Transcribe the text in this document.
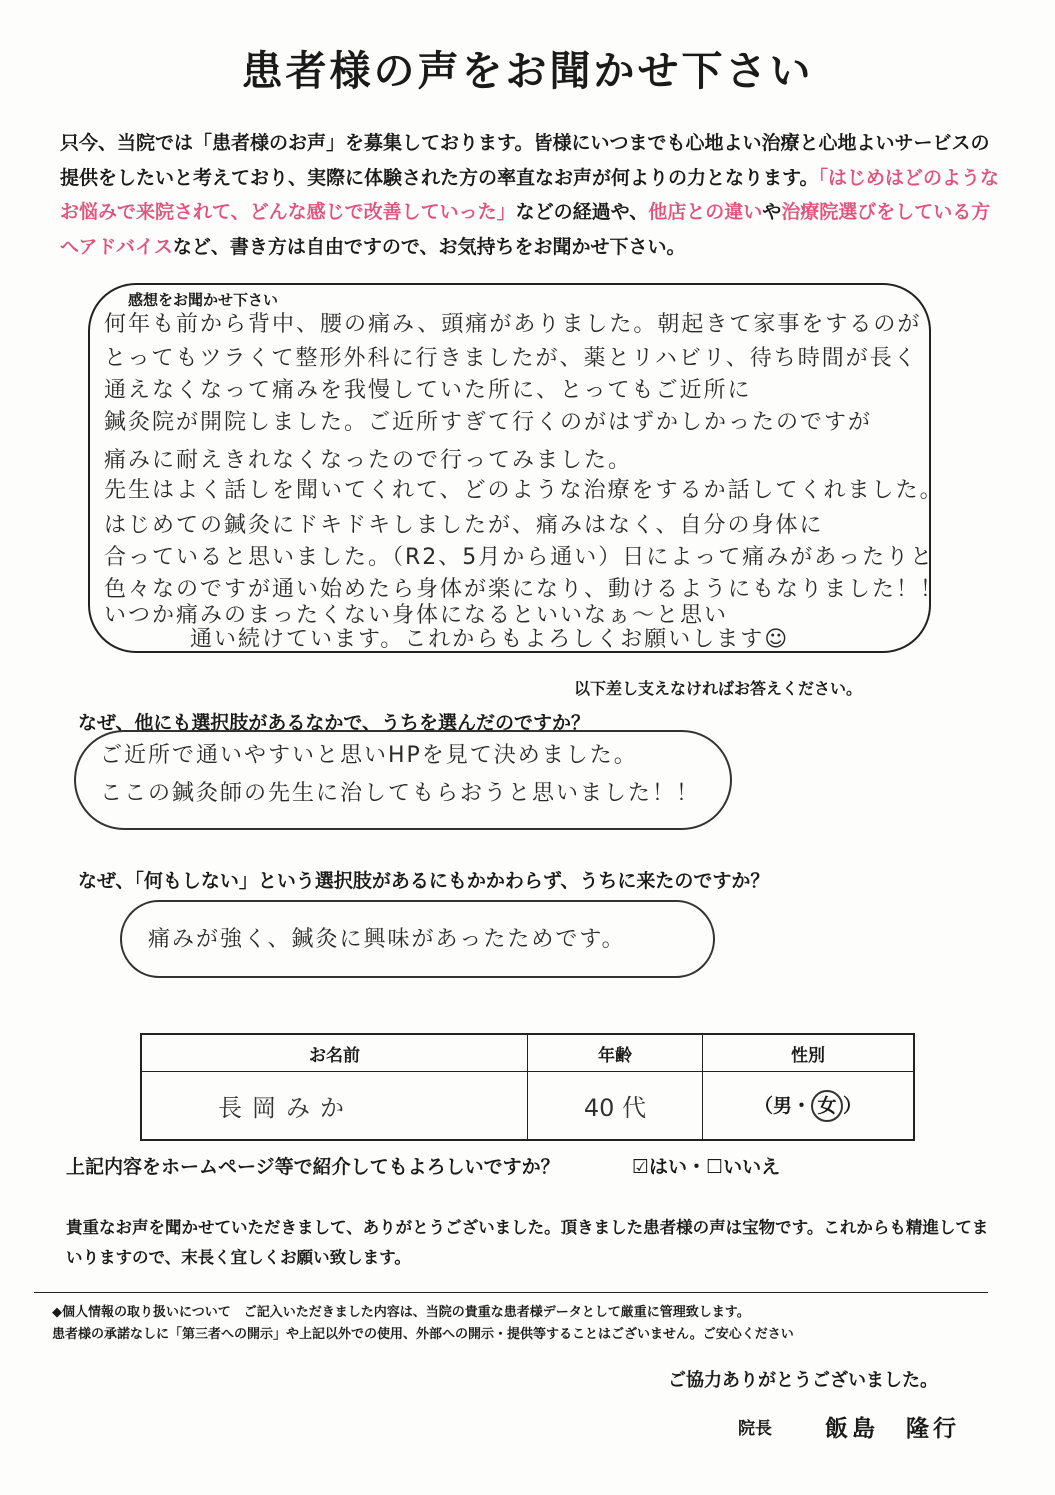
患者様の声をお聞かせ下さい
只今、当院では「患者様のお声」を募集しております。皆様にいつまでも心地よい治療と心地よいサービスの提供をしたいと考えており、実際に体験された方の率直なお声が何よりの力となります。「はじめはどのようなお悩みで来院されて、どんな感じで改善していった」などの経過や、他店との違いや治療院選びをしている方へアドバイスなど、書き方は自由ですので、お気持ちをお聞かせ下さい。
感想をお聞かせ下さい
何年も前から背中、腰の痛み、頭痛がありました。朝起きて家事をするのが
とってもツラくて整形外科に行きましたが、薬とリハビリ、待ち時間が長く
通えなくなって痛みを我慢していた所に、とってもご近所に
鍼灸院が開院しました。ご近所すぎて行くのがはずかしかったのですが
痛みに耐えきれなくなったので行ってみました。
先生はよく話しを聞いてくれて、どのような治療をするか話してくれました。
はじめての鍼灸にドキドキしましたが、痛みはなく、自分の身体に
合っていると思いました。（R2、5月から通い）日によって痛みがあったりと
色々なのですが通い始めたら身体が楽になり、動けるようにもなりました！！
いつか痛みのまったくない身体になるといいなぁ～と思い
通い続けています。これからもよろしくお願いします☺
以下差し支えなければお答えください。
なぜ、他にも選択肢があるなかで、うちを選んだのですか？
ご近所で通いやすいと思いHPを見て決めました。
ここの鍼灸師の先生に治してもらおうと思いました！！
なぜ、「何もしない」という選択肢があるにもかかわらず、うちに来たのですか？
痛みが強く、鍼灸に興味があったためです。
お名前	年齢	性別
長岡みか	40 代	（男・ 女 ）
上記内容をホームページ等で紹介してもよろしいですか？	☑はい・☐いいえ
貴重なお声を聞かせていただきまして、ありがとうございました。頂きました患者様の声は宝物です。これからも精進してまいりますので、末長く宜しくお願い致します。
◆個人情報の取り扱いについて　ご記入いただきました内容は、当院の貴重な患者様データとして厳重に管理致します。
患者様の承諾なしに「第三者への開示」や上記以外での使用、外部への開示・提供等することはございません。ご安心ください
ご協力ありがとうございました。
院長 飯島　隆行
